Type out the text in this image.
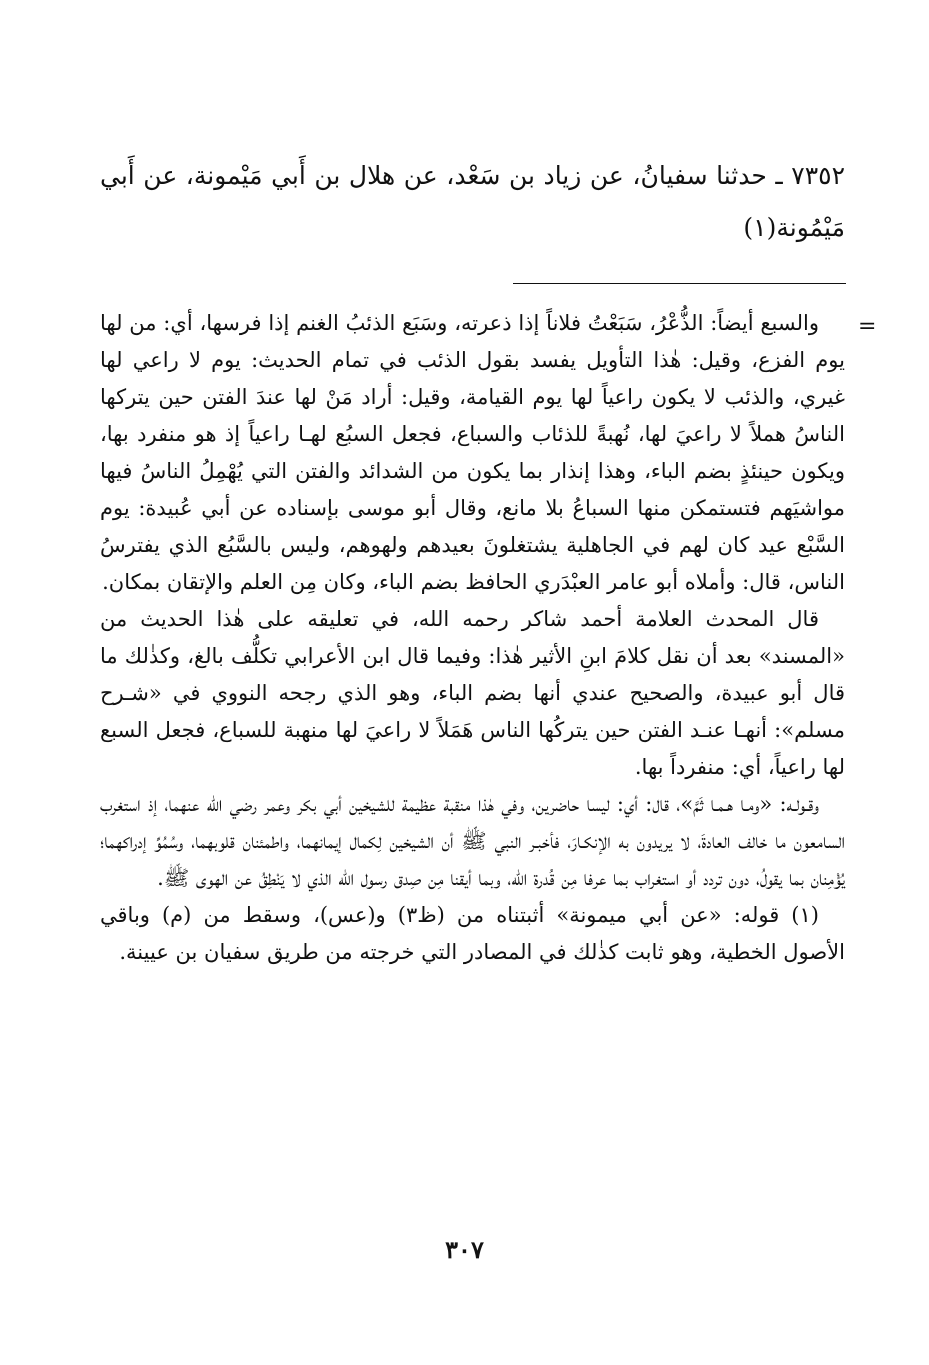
٧٣٥٢ ـ حدثنا سفيانُ، عن زياد بن سَعْد، عن هلال بن أَبي مَيْمونة، عن أَبي مَيْمُونة(١)

=

والسبع أيضاً: الذُّعْرُ، سَبَعْتُ فلاناً إذا ذعرته، وسَبَع الذئبُ الغنم إذا فرسها، أي: من لها يوم الفزع، وقيل: هٰذا التأويل يفسد بقول الذئب في تمام الحديث: يوم لا راعي لها غيري، والذئب لا يكون راعياً لها يوم القيامة، وقيل: أراد مَنْ لها عندَ الفتن حين يتركها الناسُ هملاً لا راعيَ لها، نُهبةً للذئاب والسباع، فجعل السبُع لهـا راعياً إذ هو منفرد بها، ويكون حينئذٍ بضم الباء، وهذا إنذار بما يكون من الشدائد والفتن التي يُهْمِلُ الناسُ فيها مواشيَهم فتستمكن منها السباعُ بلا مانع، وقال أبو موسى بإسناده عن أبي عُبيدة: يوم السَّبْع عيد كان لهم في الجاهلية يشتغلونَ بعيدهم ولهوهم، وليس بالسَّبُع الذي يفترسُ الناس، قال: وأملاه أبو عامر العبْدَري الحافظ بضم الباء، وكان مِن العلم والإتقان بمكان.

قال المحدث العلامة أحمد شاكر رحمه الله، في تعليقه على هٰذا الحديث من «المسند» بعد أن نقل كلامَ ابنِ الأثير هٰذا: وفيما قال ابن الأعرابي تكلُّف بالغ، وكذٰلك ما قال أبو عبيدة، والصحيح عندي أنها بضم الباء، وهو الذي رجحه النووي في «شـرح مسلم»: أنهـا عنـد الفتن حين يتركُها الناس هَمَلاً لا راعيَ لها منهبة للسباع، فجعل السبع لها راعياً، أي: منفرداً بها.

وقـولـه: «ومـا هـمـا ثَمَّ»، قال: أي: ليسا حاضرين، وفي هٰذا منقبة عظيمة للشيخين أبي بكر وعمر رضي الله عنهما، إذ استغرب السامعون ما خالف العادةَ، لا يريدون به الإنكـارَ، فأخبـر النبي ﷺ أن الشيخين لِكمال إيمانهما، واطمئنان قلوبهما، وسُمُوِّ إدراكهما؛ يُؤْمِنان بما يقولُ، دون تردد أو استغراب بما عرفا مِن قُدرة الله، وبما أيقنا مِن صِدق رسول الله الذي لا يَنْطِقُ عن الهوى ﷺ.

(١) قوله: «عن أبي ميمونة» أثبتناه من (ظ٣) و(عس)، وسقط من (م) وباقي الأصول الخطية، وهو ثابت كذٰلك في المصادر التي خرجته من طريق سفيان بن عيينة.

٣٠٧
